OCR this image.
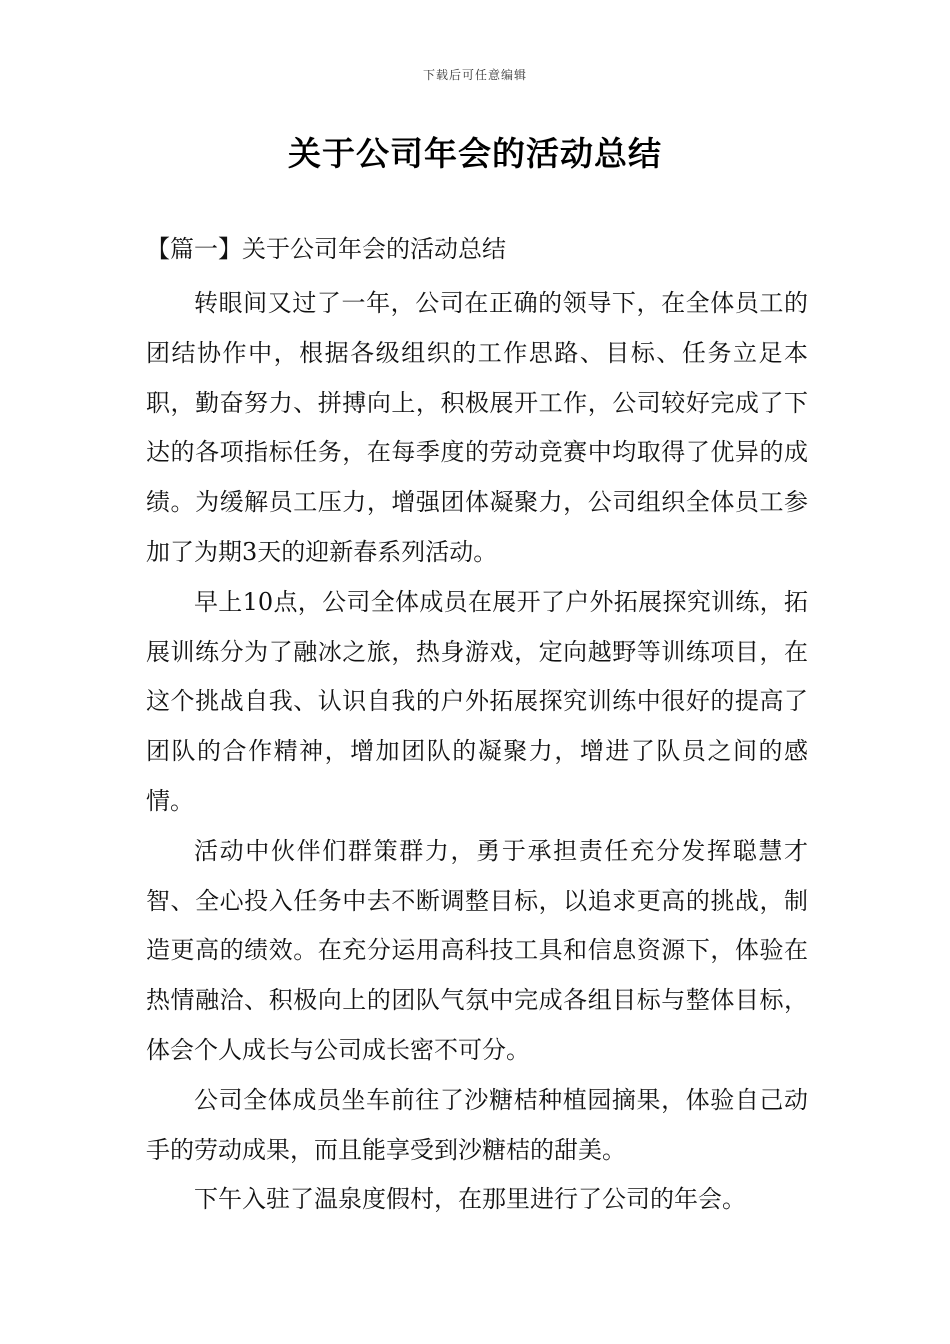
下载后可任意编辑
关于公司年会的活动总结
【篇一】关于公司年会的活动总结

转眼间又过了一年，公司在正确的领导下，在全体员工的团结协作中，根据各级组织的工作思路、目标、任务立足本职，勤奋努力、拼搏向上，积极展开工作，公司较好完成了下达的各项指标任务，在每季度的劳动竞赛中均取得了优异的成绩。为缓解员工压力，增强团体凝聚力，公司组织全体员工参加了为期3天的迎新春系列活动。

早上10点，公司全体成员在展开了户外拓展探究训练，拓展训练分为了融冰之旅，热身游戏，定向越野等训练项目，在这个挑战自我、认识自我的户外拓展探究训练中很好的提高了团队的合作精神，增加团队的凝聚力，增进了队员之间的感情。

活动中伙伴们群策群力，勇于承担责任充分发挥聪慧才智、全心投入任务中去不断调整目标，以追求更高的挑战，制造更高的绩效。在充分运用高科技工具和信息资源下，体验在热情融洽、积极向上的团队气氛中完成各组目标与整体目标，体会个人成长与公司成长密不可分。

公司全体成员坐车前往了沙糖桔种植园摘果，体验自己动手的劳动成果，而且能享受到沙糖桔的甜美。

下午入驻了温泉度假村，在那里进行了公司的年会。
